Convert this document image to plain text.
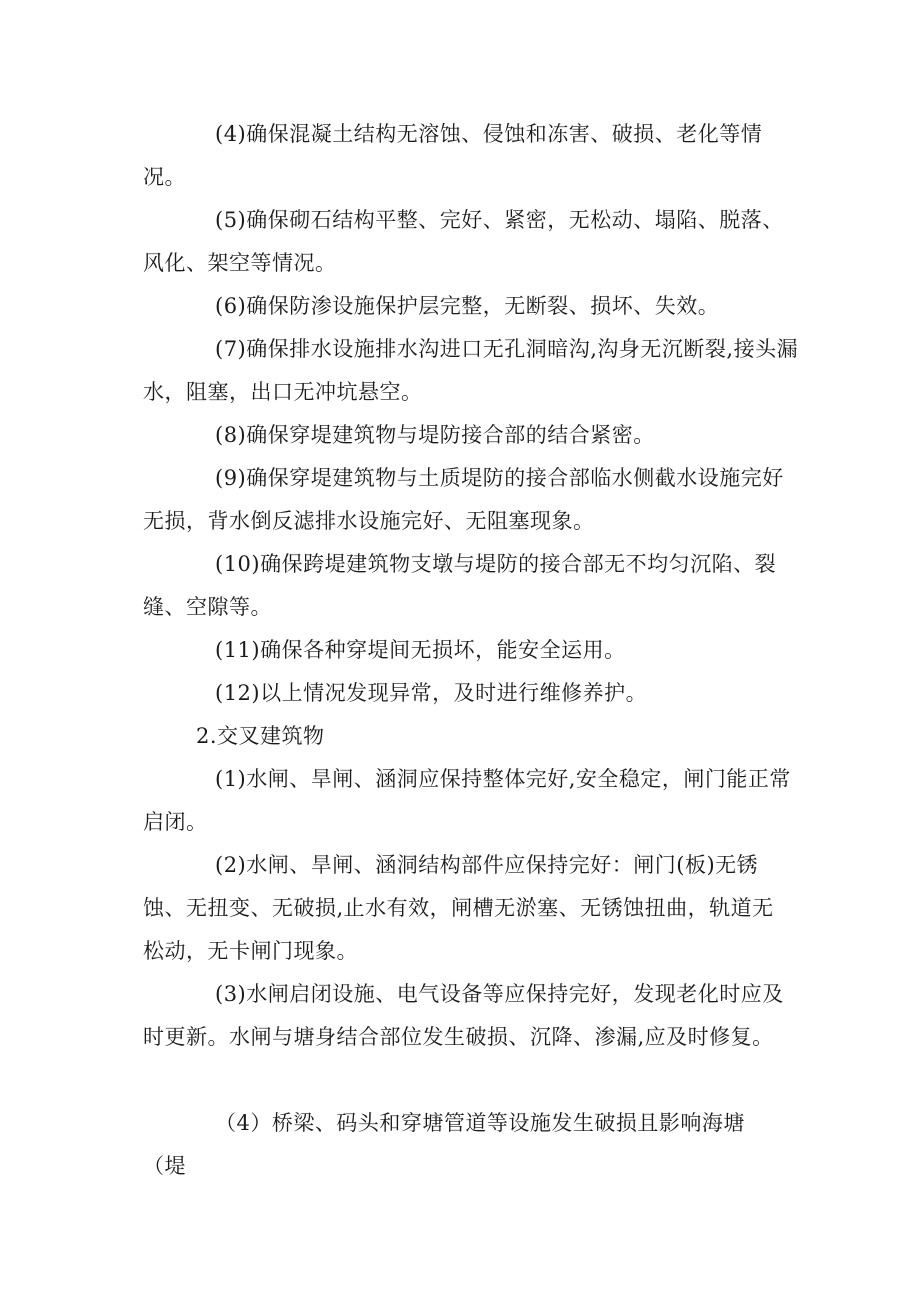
(4)确保混凝土结构无溶蚀、侵蚀和冻害、破损、老化等情况。

(5)确保砌石结构平整、完好、紧密，无松动、塌陷、脱落、风化、架空等情况。

(6)确保防渗设施保护层完整，无断裂、损坏、失效。

(7)确保排水设施排水沟进口无孔洞暗沟,沟身无沉断裂,接头漏水，阻塞，出口无冲坑悬空。

(8)确保穿堤建筑物与堤防接合部的结合紧密。

(9)确保穿堤建筑物与土质堤防的接合部临水侧截水设施完好无损，背水倒反滤排水设施完好、无阻塞现象。

(10)确保跨堤建筑物支墩与堤防的接合部无不均匀沉陷、裂缝、空隙等。

(11)确保各种穿堤间无损坏，能安全运用。

(12)以上情况发现异常，及时进行维修养护。

2.交叉建筑物

(1)水闸、旱闸、涵洞应保持整体完好,安全稳定，闸门能正常启闭。

(2)水闸、旱闸、涵洞结构部件应保持完好：闸门(板)无锈蚀、无扭变、无破损,止水有效，闸槽无淤塞、无锈蚀扭曲，轨道无松动，无卡闸门现象。

(3)水闸启闭设施、电气设备等应保持完好，发现老化时应及时更新。水闸与塘身结合部位发生破损、沉降、渗漏,应及时修复。

（4）桥梁、码头和穿塘管道等设施发生破损且影响海塘（堤
